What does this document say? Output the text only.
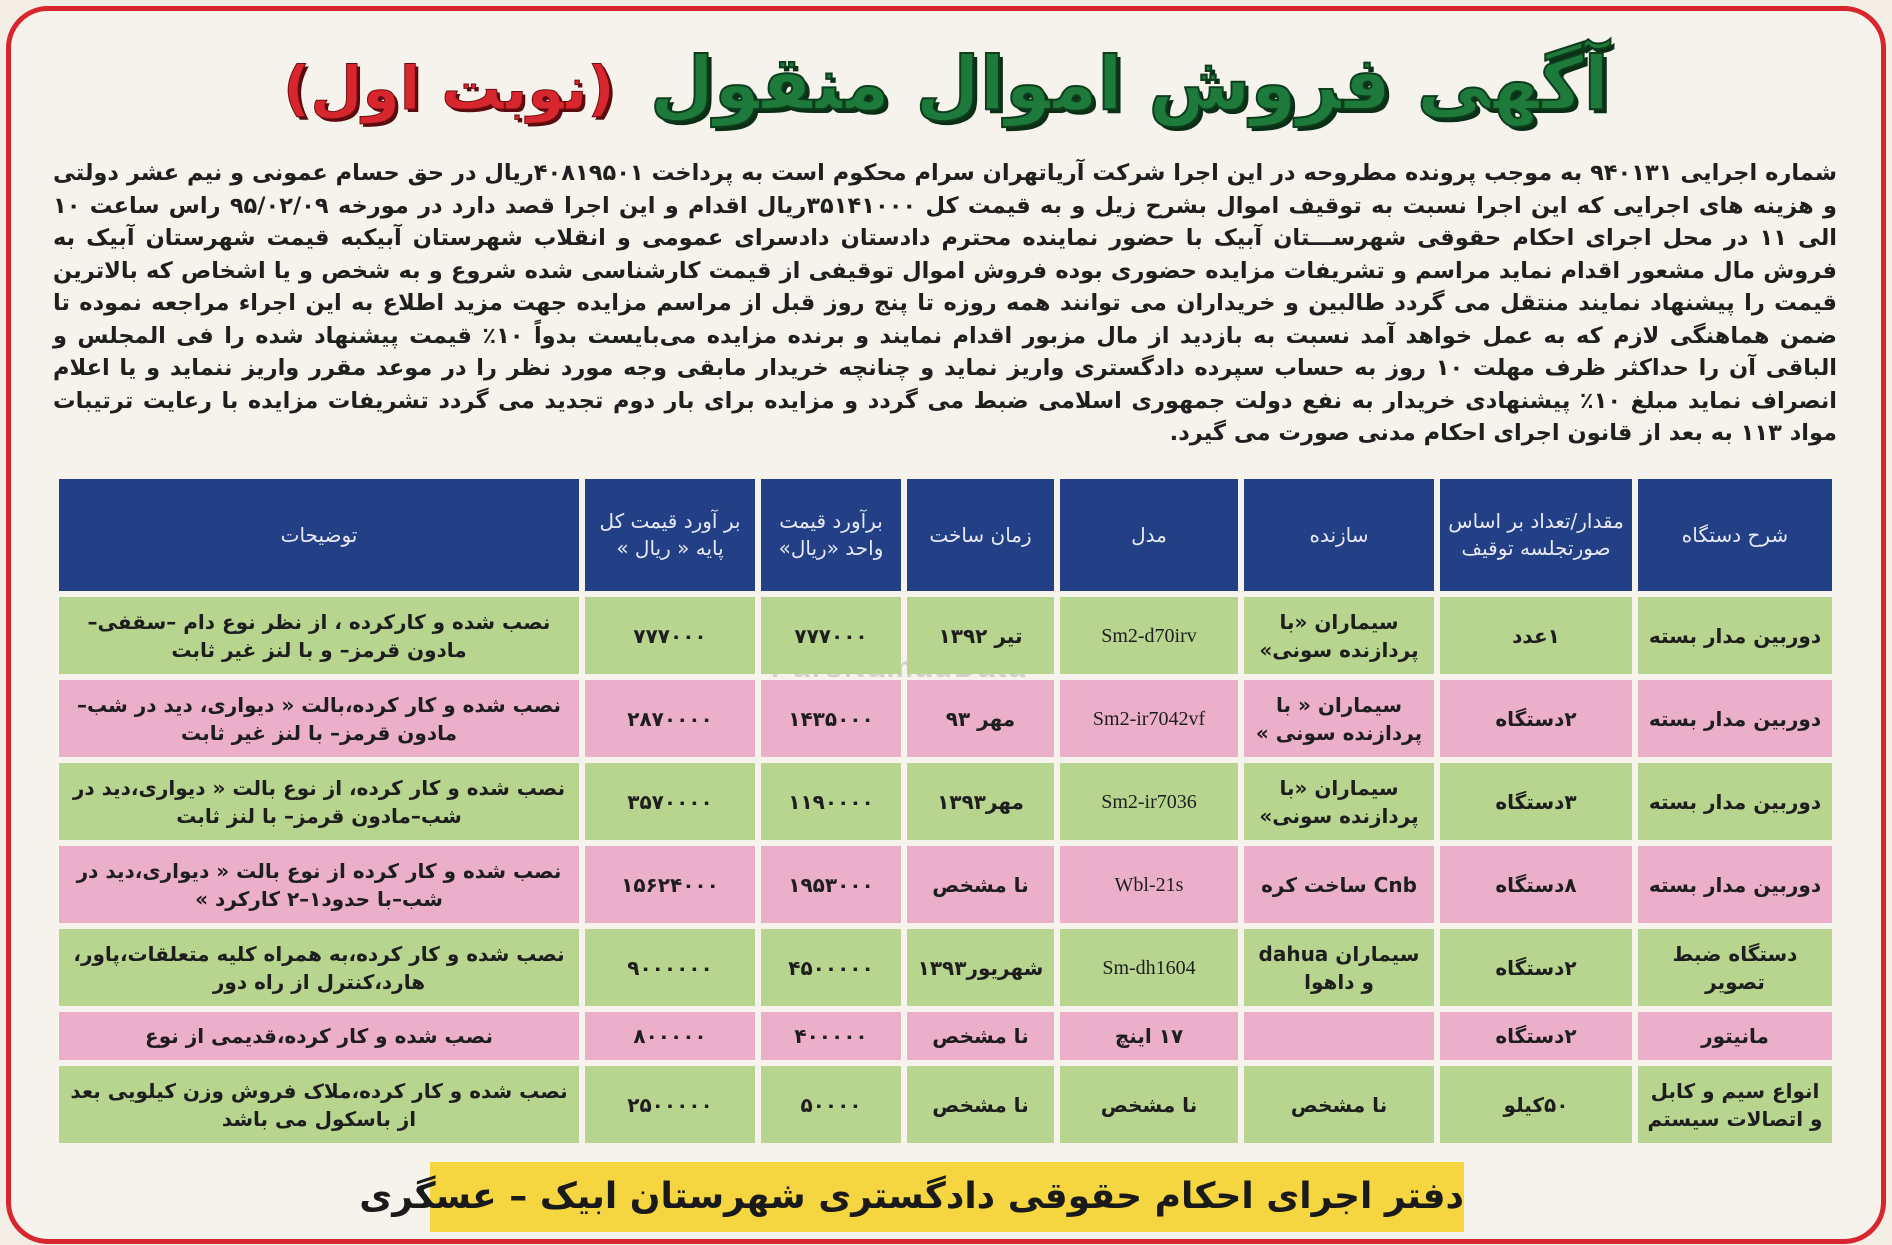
آگهی فروش اموال منقول (نوبت اول)
شماره اجرایی ۹۴۰۱۳۱ به موجب پرونده مطروحه در این اجرا شرکت آریاتهران سرام محکوم است به پرداخت ۴۰۸۱۹۵۰۱ریال در حق حسام عمونی و نیم عشر دولتی و هزینه های اجرایی که این اجرا نسبت به توقیف اموال بشرح زیل و به قیمت کل ۳۵۱۴۱۰۰۰ریال اقدام و این اجرا قصد دارد در مورخه ۹۵/۰۲/۰۹ راس ساعت ۱۰ الی ۱۱ در محل اجرای احکام حقوقی شهرســـتان آبیک با حضور نماینده محترم دادستان دادسرای عمومی و انقلاب شهرستان آبیکبه قیمت شهرستان آبیک به فروش مال مشعور اقدام نماید مراسم و تشریفات مزایده حضوری بوده فروش اموال توقیفی از قیمت کارشناسی شده شروع و به شخص و یا اشخاص که بالاترین قیمت را پیشنهاد نمایند منتقل می گردد طالبین و خریداران می توانند همه روزه تا پنج روز قبل از مراسم مزایده جهت مزید اطلاع به این اجراء مراجعه نموده تا ضمن هماهنگی لازم که به عمل خواهد آمد نسبت به بازدید از مال مزبور اقدام نمایند و برنده مزایده می‌بایست بدواً ۱۰٪ قیمت پیشنهاد شده را فی المجلس و الباقی آن را حداکثر ظرف مهلت ۱۰ روز به حساب سپرده دادگستری واریز نماید و چنانچه خریدار مابقی وجه مورد نظر را در موعد مقرر واریز ننماید و یا اعلام انصراف نماید مبلغ ۱۰٪ پیشنهادی خریدار به نفع دولت جمهوری اسلامی ضبط می گردد و مزایده برای بار دوم تجدید می گردد تشریفات مزایده با رعایت ترتیبات مواد ۱۱۳ به بعد از قانون اجرای احکام مدنی صورت می گیرد.
شرح دستگاه	مقدار/تعداد بر اساس صورتجلسه توقیف	سازنده	مدل	زمان ساخت	برآورد قیمت واحد «ریال»	بر آورد قیمت کل پایه « ریال »	توضیحات
دوربین مدار بسته	۱عدد	سیماران «با پردازنده سونی»	Sm2-d70irv	تیر ۱۳۹۲	۷۷۷۰۰۰	۷۷۷۰۰۰	نصب شده و کارکرده ، از نظر نوع دام –سقفی– مادون قرمز– و با لنز غیر ثابت
دوربین مدار بسته	۲دستگاه	سیماران « با پردازنده سونی »	Sm2-ir7042vf	مهر ۹۳	۱۴۳۵۰۰۰	۲۸۷۰۰۰۰	نصب شده و کار کرده،بالت « دیواری، دید در شب– مادون قرمز– با لنز غیر ثابت
دوربین مدار بسته	۳دستگاه	سیماران «با پردازنده سونی»	Sm2-ir7036	مهر۱۳۹۳	۱۱۹۰۰۰۰	۳۵۷۰۰۰۰	نصب شده و کار کرده، از نوع بالت « دیواری،دید در شب–مادون قرمز– با لنز ثابت
دوربین مدار بسته	۸دستگاه	Cnb ساخت کره	Wbl-21s	نا مشخص	۱۹۵۳۰۰۰	۱۵۶۲۴۰۰۰	نصب شده و کار کرده از نوع بالت « دیواری،دید در شب–با حدود۱–۲ کارکرد »
دستگاه ضبط تصویر	۲دستگاه	سیماران dahua و داهوا	Sm-dh1604	شهریور۱۳۹۳	۴۵۰۰۰۰۰	۹۰۰۰۰۰۰	نصب شده و کار کرده،به همراه کلیه متعلقات،پاور، هارد،کنترل از راه دور
مانیتور	۲دستگاه		۱۷ اینچ	نا مشخص	۴۰۰۰۰۰	۸۰۰۰۰۰	نصب شده و کار کرده،قدیمی از نوع
انواع سیم و کابل و اتصالات سیستم	۵۰کیلو	نا مشخص	نا مشخص	نا مشخص	۵۰۰۰۰	۲۵۰۰۰۰۰	نصب شده و کار کرده،ملاک فروش وزن کیلویی بعد از باسکول می باشد
دفتر اجرای احکام حقوقی دادگستری شهرستان ابیک – عسگری
